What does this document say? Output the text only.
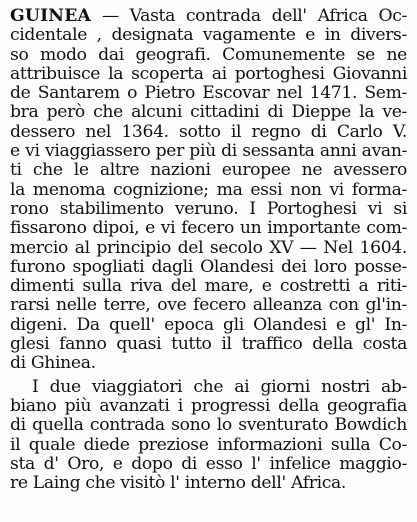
GUINEA — Vasta contrada dell' Africa Oc-
cidentale , designata vagamente e in divers-
so modo dai geografi. Comunemente se ne
attribuisce la scoperta ai portoghesi Giovanni
de Santarem o Pietro Escovar nel 1471. Sem-
bra però che alcuni cittadini di Dieppe la ve-
dessero nel 1364. sotto il regno di Carlo V.
e vi viaggiassero per più di sessanta anni avan-
ti che le altre nazioni europee ne avessero
la menoma cognizione; ma essi non vi forma-
rono stabilimento veruno. I Portoghesi vi si
fissarono dipoi, e vi fecero un importante com-
mercio al principio del secolo XV — Nel 1604.
furono spogliati dagli Olandesi dei loro posse-
dimenti sulla riva del mare, e costretti a riti-
rarsi nelle terre, ove fecero alleanza con gl'in-
digeni. Da quell' epoca gli Olandesi e gl' In-
glesi fanno quasi tutto il traffico della costa
di Ghinea.
I due viaggiatori che ai giorni nostri ab-
biano più avanzati i progressi della geografia
di quella contrada sono lo sventurato Bowdich
il quale diede preziose informazioni sulla Co-
sta d' Oro, e dopo di esso l' infelice maggio-
re Laing che visitò l' interno dell' Africa.
